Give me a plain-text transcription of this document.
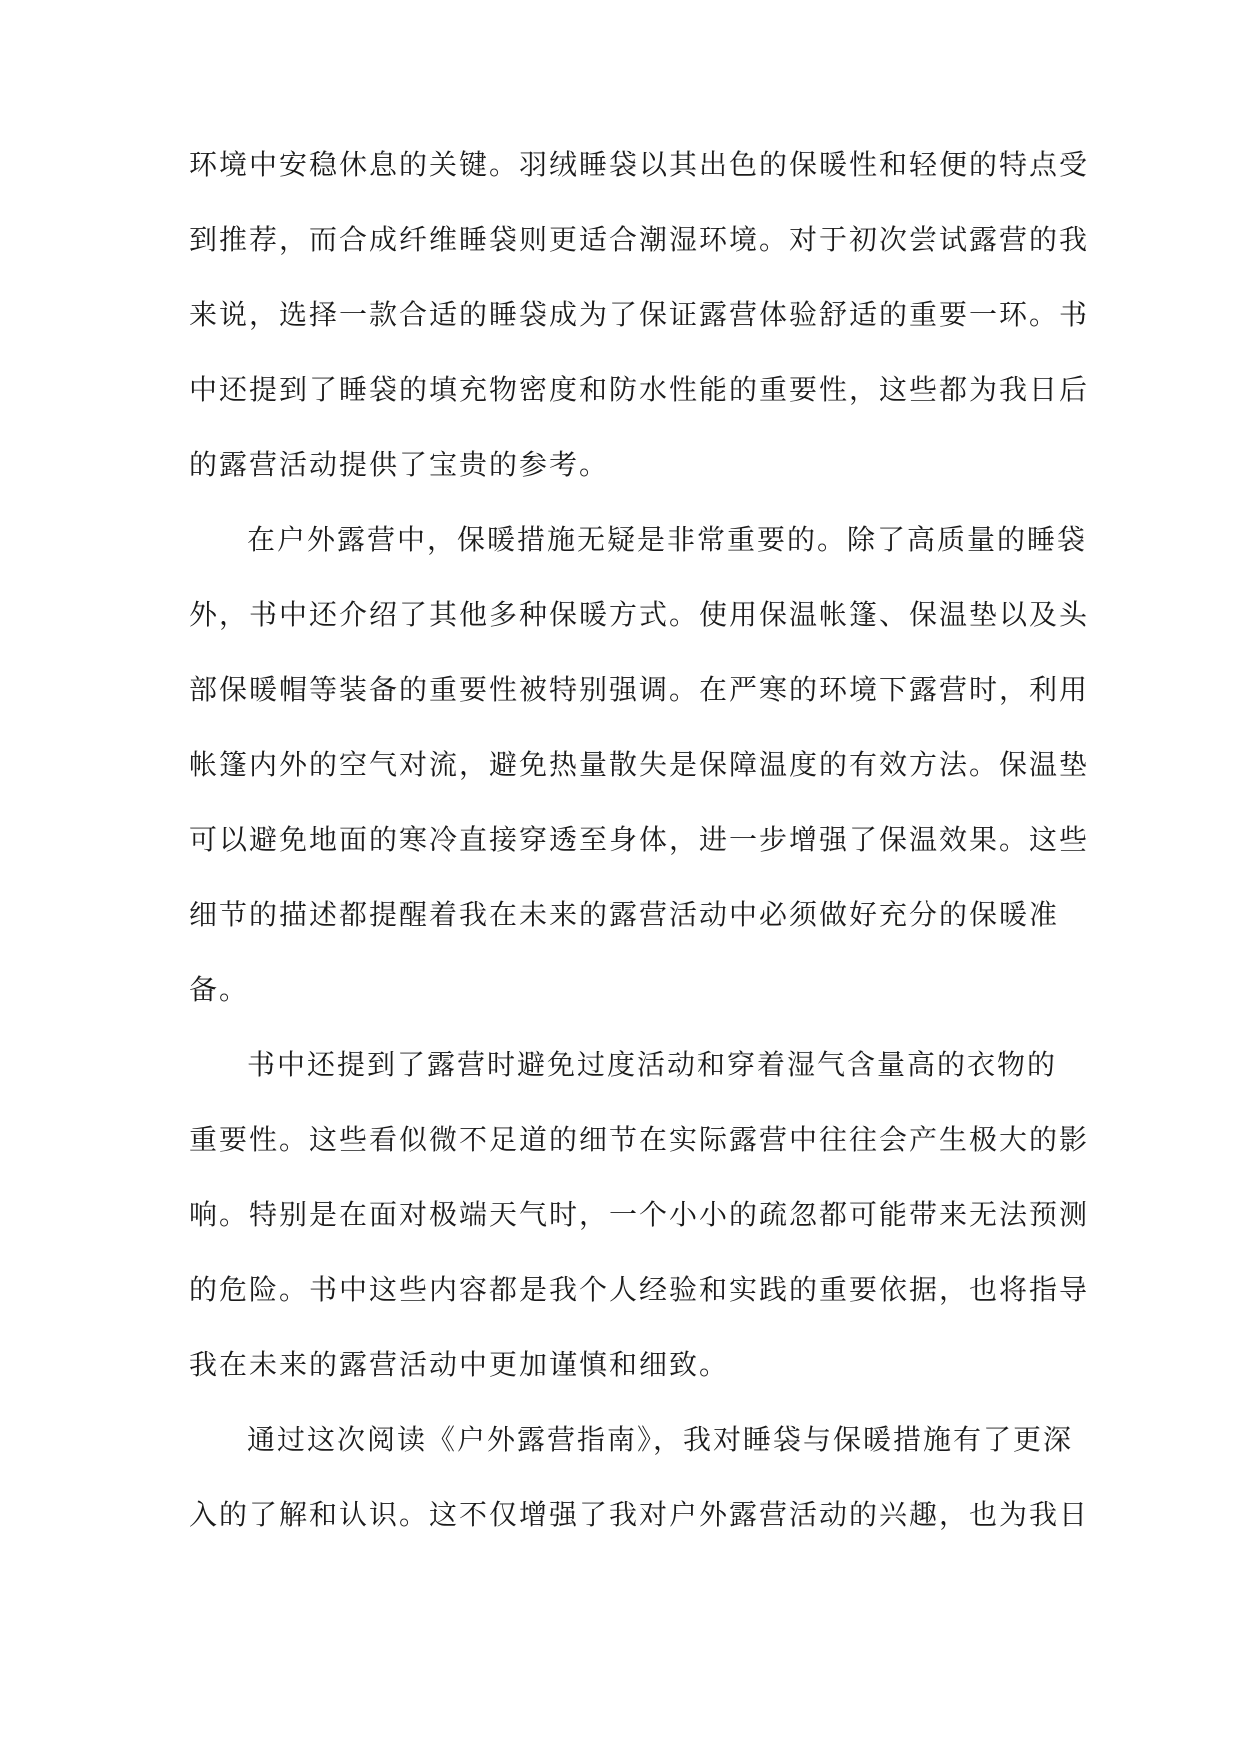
环境中安稳休息的关键。羽绒睡袋以其出色的保暖性和轻便的特点受
到推荐，而合成纤维睡袋则更适合潮湿环境。对于初次尝试露营的我
来说，选择一款合适的睡袋成为了保证露营体验舒适的重要一环。书
中还提到了睡袋的填充物密度和防水性能的重要性，这些都为我日后
的露营活动提供了宝贵的参考。
在户外露营中，保暖措施无疑是非常重要的。除了高质量的睡袋
外，书中还介绍了其他多种保暖方式。使用保温帐篷、保温垫以及头
部保暖帽等装备的重要性被特别强调。在严寒的环境下露营时，利用
帐篷内外的空气对流，避免热量散失是保障温度的有效方法。保温垫
可以避免地面的寒冷直接穿透至身体，进一步增强了保温效果。这些
细节的描述都提醒着我在未来的露营活动中必须做好充分的保暖准
备。
书中还提到了露营时避免过度活动和穿着湿气含量高的衣物的
重要性。这些看似微不足道的细节在实际露营中往往会产生极大的影
响。特别是在面对极端天气时，一个小小的疏忽都可能带来无法预测
的危险。书中这些内容都是我个人经验和实践的重要依据，也将指导
我在未来的露营活动中更加谨慎和细致。
通过这次阅读《户外露营指南》，我对睡袋与保暖措施有了更深
入的了解和认识。这不仅增强了我对户外露营活动的兴趣，也为我日
